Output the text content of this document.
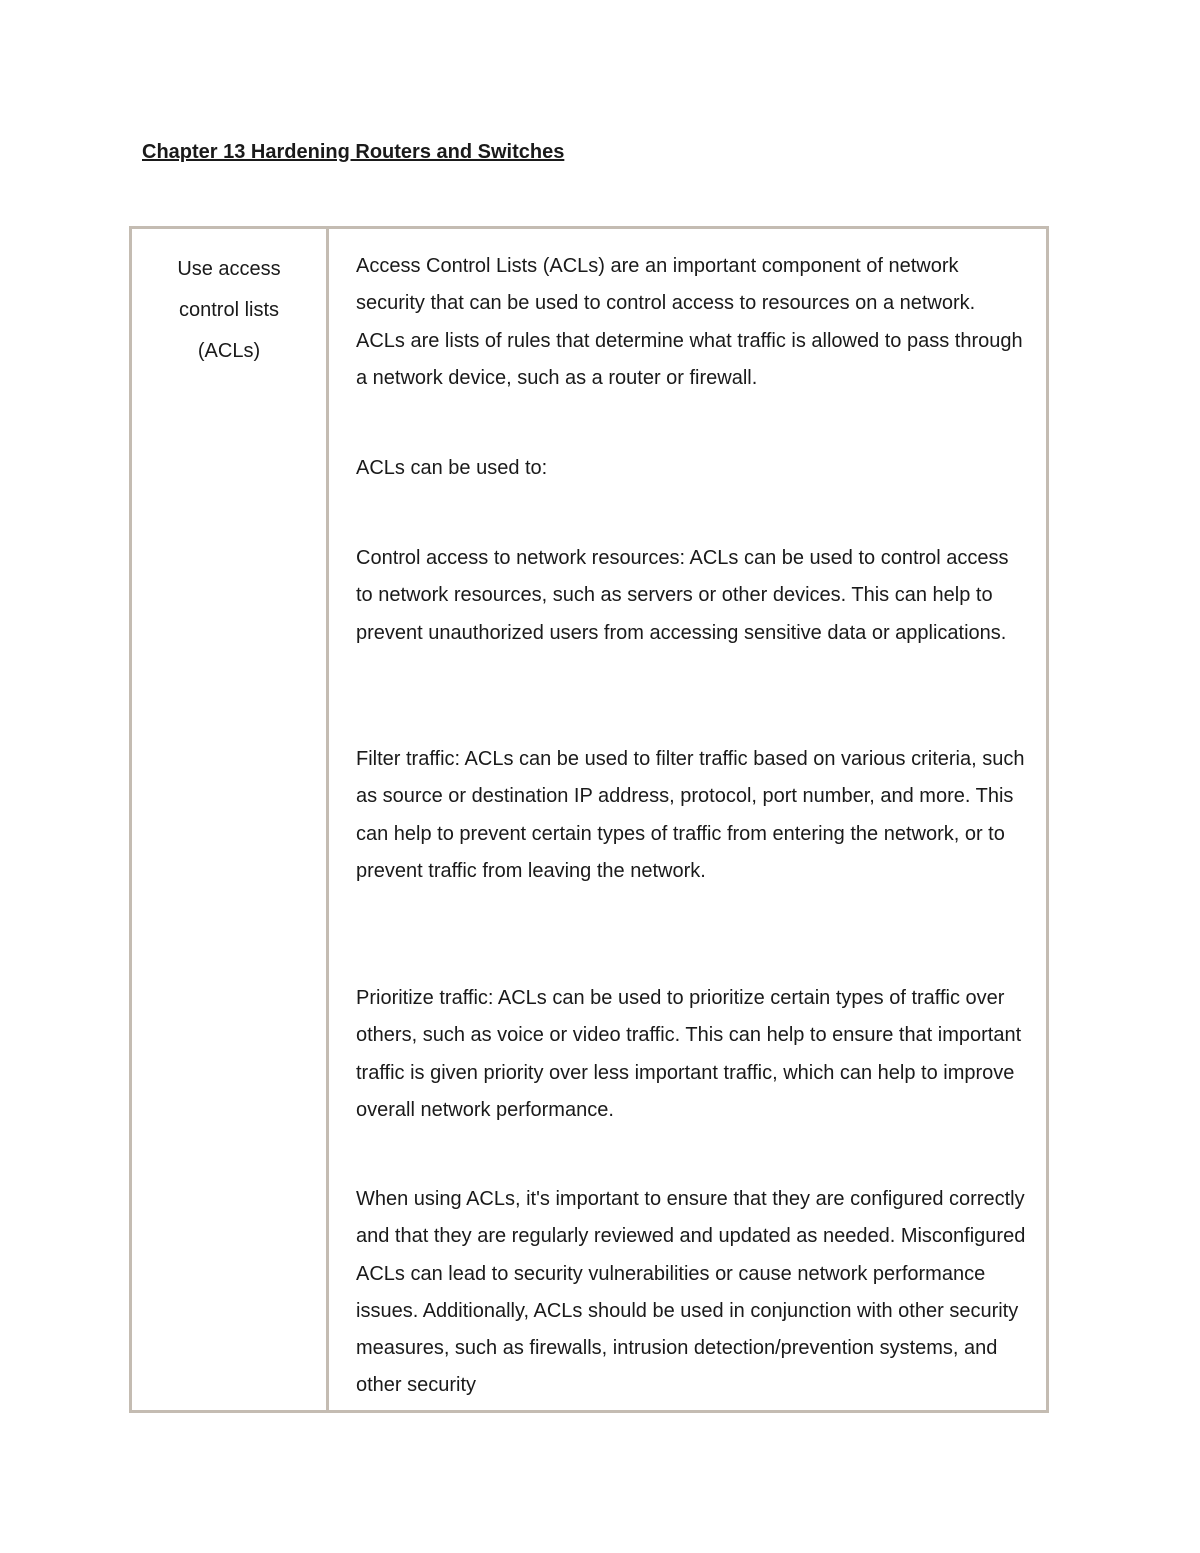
Chapter 13 Hardening Routers and Switches

Use access
control lists
(ACLs)

Access Control Lists (ACLs) are an important component of network security that can be used to control access to resources on a network. ACLs are lists of rules that determine what traffic is allowed to pass through a network device, such as a router or firewall.

ACLs can be used to:

Control access to network resources: ACLs can be used to control access to network resources, such as servers or other devices. This can help to prevent unauthorized users from accessing sensitive data or applications.

Filter traffic: ACLs can be used to filter traffic based on various criteria, such as source or destination IP address, protocol, port number, and more. This can help to prevent certain types of traffic from entering the network, or to prevent traffic from leaving the network.

Prioritize traffic: ACLs can be used to prioritize certain types of traffic over others, such as voice or video traffic. This can help to ensure that important traffic is given priority over less important traffic, which can help to improve overall network performance.

When using ACLs, it's important to ensure that they are configured correctly and that they are regularly reviewed and updated as needed. Misconfigured ACLs can lead to security vulnerabilities or cause network performance issues. Additionally, ACLs should be used in conjunction with other security measures, such as firewalls, intrusion detection/prevention systems, and other security
